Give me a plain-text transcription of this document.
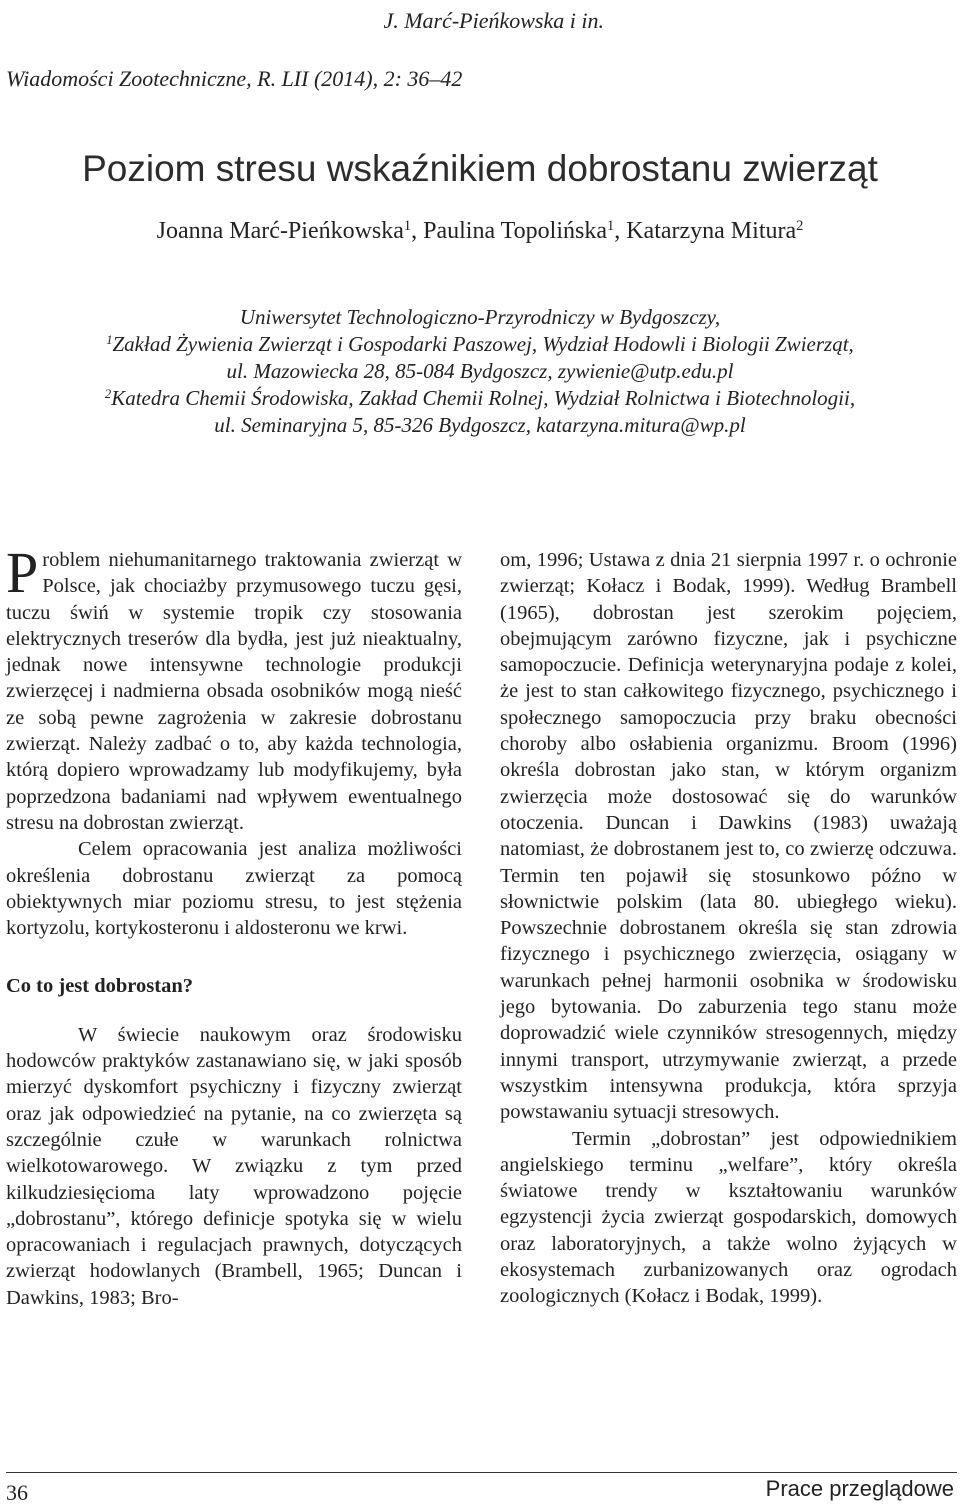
J. Marć-Pieńkowska i in.
Wiadomości Zootechniczne, R. LII (2014), 2: 36–42
Poziom stresu wskaźnikiem dobrostanu zwierząt
Joanna Marć-Pieńkowska$^1$, Paulina Topolińska$^1$, Katarzyna Mitura$^2$
Uniwersytet Technologiczno-Przyrodniczy w Bydgoszczy,
$^1$Zakład Żywienia Zwierząt i Gospodarki Paszowej, Wydział Hodowli i Biologii Zwierząt,
ul. Mazowiecka 28, 85-084 Bydgoszcz, zywienie@utp.edu.pl
$^2$Katedra Chemii Środowiska, Zakład Chemii Rolnej, Wydział Rolnictwa i Biotechnologii,
ul. Seminaryjna 5, 85-326 Bydgoszcz, katarzyna.mitura@wp.pl

Problem niehumanitarnego traktowania zwierząt w Polsce, jak chociażby przymusowego tuczu gęsi, tuczu świń w systemie tropik czy stosowania elektrycznych treserów dla bydła, jest już nieaktualny, jednak nowe intensywne technologie produkcji zwierzęcej i nadmierna obsada osobników mogą nieść ze sobą pewne zagrożenia w zakresie dobrostanu zwierząt. Należy zadbać o to, aby każda technologia, którą dopiero wprowadzamy lub modyfikujemy, była poprzedzona badaniami nad wpływem ewentualnego stresu na dobrostan zwierząt.

Celem opracowania jest analiza możliwości określenia dobrostanu zwierząt za pomocą obiektywnych miar poziomu stresu, to jest stężenia kortyzolu, kortykosteronu i aldosteronu we krwi.

Co to jest dobrostan?

W świecie naukowym oraz środowisku hodowców praktyków zastanawiano się, w jaki sposób mierzyć dyskomfort psychiczny i fizyczny zwierząt oraz jak odpowiedzieć na pytanie, na co zwierzęta są szczególnie czułe w warunkach rolnictwa wielkotowarowego. W związku z tym przed kilkudziesięcioma laty wprowadzono pojęcie „dobrostanu”, którego definicje spotyka się w wielu opracowaniach i regulacjach prawnych, dotyczących zwierząt hodowlanych (Brambell, 1965; Duncan i Dawkins, 1983; Bro-

om, 1996; Ustawa z dnia 21 sierpnia 1997 r. o ochronie zwierząt; Kołacz i Bodak, 1999). Według Brambell (1965), dobrostan jest szerokim pojęciem, obejmującym zarówno fizyczne, jak i psychiczne samopoczucie. Definicja weterynaryjna podaje z kolei, że jest to stan całkowitego fizycznego, psychicznego i społecznego samopoczucia przy braku obecności choroby albo osłabienia organizmu. Broom (1996) określa dobrostan jako stan, w którym organizm zwierzęcia może dostosować się do warunków otoczenia. Duncan i Dawkins (1983) uważają natomiast, że dobrostanem jest to, co zwierzę odczuwa. Termin ten pojawił się stosunkowo późno w słownictwie polskim (lata 80. ubiegłego wieku). Powszechnie dobrostanem określa się stan zdrowia fizycznego i psychicznego zwierzęcia, osiągany w warunkach pełnej harmonii osobnika w środowisku jego bytowania. Do zaburzenia tego stanu może doprowadzić wiele czynników stresogennych, między innymi transport, utrzymywanie zwierząt, a przede wszystkim intensywna produkcja, która sprzyja powstawaniu sytuacji stresowych.

Termin „dobrostan” jest odpowiednikiem angielskiego terminu „welfare”, który określa światowe trendy w kształtowaniu warunków egzystencji życia zwierząt gospodarskich, domowych oraz laboratoryjnych, a także wolno żyjących w ekosystemach zurbanizowanych oraz ogrodach zoologicznych (Kołacz i Bodak, 1999).

36	Prace przeglądowe
